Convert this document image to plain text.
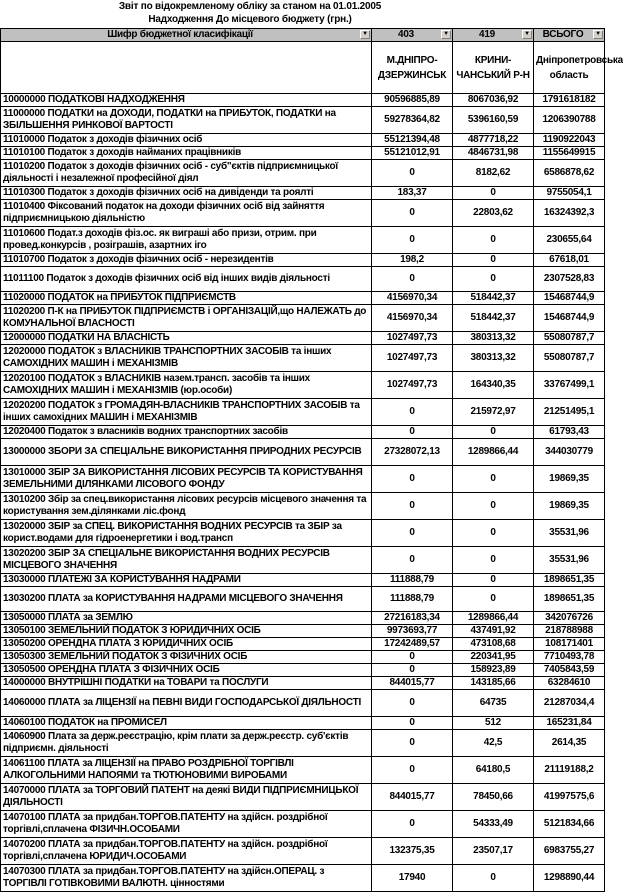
Звіт по відокремленому обліку за станом на 01.01.2005
Надходження До місцевого бюджету (грн.)
Шифр бюджетної класифікації ▼	403 ▼	419 ▼	ВСЬОГО ▼

	М.ДНІПРО-ДЗЕРЖИНСЬК	КРИНИ-ЧАНСЬКИЙ Р-Н	Дніпропетровська область
10000000 ПОДАТКОВІ НАДХОДЖЕННЯ	90596885,89	8067036,92	1791618182
11000000 ПОДАТКИ на ДОХОДИ, ПОДАТКИ на ПРИБУТОК, ПОДАТКИ на ЗБІЛЬШЕННЯ РИНКОВОЇ ВАРТОСТІ	59278364,82	5396160,59	1206390788
11010000 Податок з доходів фізичних осіб	55121394,48	4877718,22	1190922043
11010100 Податок з доходів найманих працівників	55121012,91	4846731,98	1155649915
11010200 Податок з доходів фізичних осіб - суб"єктів підприємницької діяльності і незалежної професійної діял	0	8182,62	6586878,62
11010300 Податок з доходів фізичних осіб на дивіденди та роялті	183,37	0	9755054,1
11010400 Фіксований податок на доходи фізичних осіб від зайняття підприємницькою діяльністю	0	22803,62	16324392,3
11010600 Подат.з доходів фіз.ос. як виграші або призи, отрим. при провед.конкурсів , розіграшів, азартних іго	0	0	230655,64
11010700 Податок з доходів фізичних осіб - нерезидентів	198,2	0	67618,01
11011100 Податок з доходів фізичних осіб від інших видів діяльності	0	0	2307528,83
11020000 ПОДАТОК на ПРИБУТОК ПІДПРИЄМСТВ	4156970,34	518442,37	15468744,9
11020200 П-К на ПРИБУТОК ПІДПРИЄМСТВ і ОРГАНІЗАЦІЙ,що НАЛЕЖАТЬ до КОМУНАЛЬНОЇ ВЛАСНОСТІ	4156970,34	518442,37	15468744,9
12000000 ПОДАТКИ НА ВЛАСНІСТЬ	1027497,73	380313,32	55080787,7
12020000 ПОДАТОК з ВЛАСНИКІВ ТРАНСПОРТНИХ ЗАСОБІВ та інших САМОХІДНИХ МАШИН і МЕХАНІЗМІВ	1027497,73	380313,32	55080787,7
12020100 ПОДАТОК з ВЛАСНИКІВ назем.трансп. засобів та інших САМОХІДНИХ МАШИН і МЕХАНІЗМІВ (юр.особи)	1027497,73	164340,35	33767499,1
12020200 ПОДАТОК з ГРОМАДЯН-ВЛАСНИКІВ ТРАНСПОРТНИХ ЗАСОБІВ та інших самохідних МАШИН і МЕХАНІЗМІВ	0	215972,97	21251495,1
12020400 Податок з власників водних транспортних засобів	0	0	61793,43
13000000 ЗБОРИ ЗА СПЕЦІАЛЬНЕ ВИКОРИСТАННЯ ПРИРОДНИХ РЕСУРСІВ	27328072,13	1289866,44	344030779
13010000 ЗБІР ЗА ВИКОРИСТАННЯ ЛІСОВИХ РЕСУРСІВ ТА КОРИСТУВАННЯ ЗЕМЕЛЬНИМИ ДІЛЯНКАМИ ЛІСОВОГО ФОНДУ	0	0	19869,35
13010200 Збір за спец.використання лісових ресурсів місцевого значення та користування зем.ділянками ліс.фонд	0	0	19869,35
13020000 ЗБІР за СПЕЦ. ВИКОРИСТАННЯ ВОДНИХ РЕСУРСІВ та ЗБІР за корист.водами для гідроенергетики і вод.трансп	0	0	35531,96
13020200 ЗБІР ЗА СПЕЦІАЛЬНЕ ВИКОРИСТАННЯ ВОДНИХ РЕСУРСІВ МІСЦЕВОГО ЗНАЧЕННЯ	0	0	35531,96
13030000 ПЛАТЕЖІ ЗА КОРИСТУВАННЯ НАДРАМИ	111888,79	0	1898651,35
13030200 ПЛАТА за КОРИСТУВАННЯ НАДРАМИ МІСЦЕВОГО ЗНАЧЕННЯ	111888,79	0	1898651,35
13050000 ПЛАТА за ЗЕМЛЮ	27216183,34	1289866,44	342076726
13050100 ЗЕМЕЛЬНИЙ ПОДАТОК З ЮРИДИЧНИХ ОСІБ	9973693,77	437491,92	218788988
13050200 ОРЕНДНА ПЛАТА З ЮРИДИЧНИХ ОСІБ	17242489,57	473108,68	108171401
13050300 ЗЕМЕЛЬНИЙ ПОДАТОК З ФІЗИЧНИХ ОСІБ	0	220341,95	7710493,78
13050500 ОРЕНДНА ПЛАТА З ФІЗИЧНИХ ОСІБ	0	158923,89	7405843,59
14000000 ВНУТРІШНІ ПОДАТКИ на ТОВАРИ та ПОСЛУГИ	844015,77	143185,66	63284610
14060000 ПЛАТА за ЛІЦЕНЗІЇ на ПЕВНІ ВИДИ ГОСПОДАРСЬКОЇ ДІЯЛЬНОСТІ	0	64735	21287034,4
14060100 ПОДАТОК на ПРОМИСЕЛ	0	512	165231,84
14060900 Плата за держ.реєстрацію, крім плати за держ.реєстр. суб'єктів підприємн. діяльності	0	42,5	2614,35
14061100 ПЛАТА за ЛІЦЕНЗІЇ на ПРАВО РОЗДРІБНОЇ ТОРГІВЛІ АЛКОГОЛЬНИМИ НАПОЯМИ та ТЮТЮНОВИМИ ВИРОБАМИ	0	64180,5	21119188,2
14070000 ПЛАТА за ТОРГОВИЙ ПАТЕНТ на деякі ВИДИ ПІДПРИЄМНИЦЬКОЇ ДІЯЛЬНОСТІ	844015,77	78450,66	41997575,6
14070100 ПЛАТА за придбан.ТОРГОВ.ПАТЕНТУ на здійсн. роздрібної торгівлі,сплачена ФІЗИЧН.ОСОБАМИ	0	54333,49	5121834,66
14070200 ПЛАТА за придбан.ТОРГОВ.ПАТЕНТУ на здійсн. роздрібної торгівлі,сплачена ЮРИДИЧ.ОСОБАМИ	132375,35	23507,17	6983755,27
14070300 ПЛАТА за придбан.ТОРГОВ.ПАТЕНТУ на здійсн.ОПЕРАЦ. з ТОРГІВЛІ ГОТІВКОВИМИ ВАЛЮТН. цінностями	17940	0	1298890,44
